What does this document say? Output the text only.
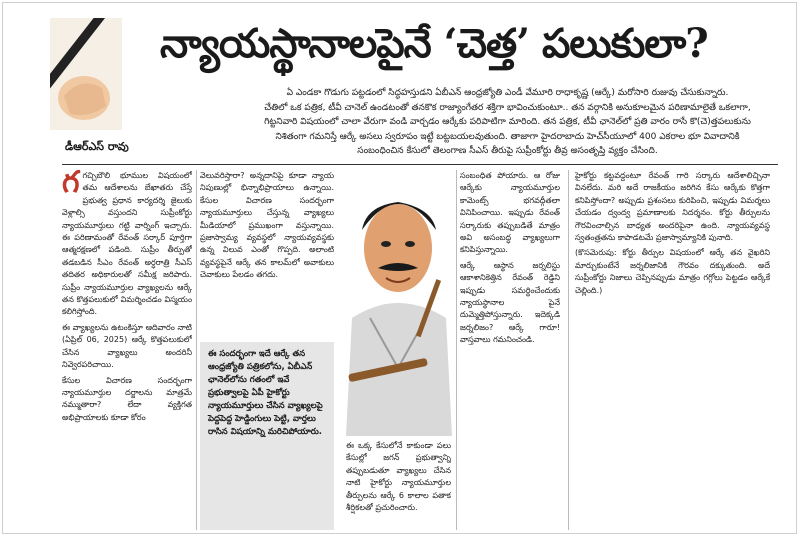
డీఆర్‌ఎస్‌ రావు
న్యాయస్థానాలపైనే ‘చెత్త’ పలుకులా?

ఏ ఎండకా గొడుగు పట్టడంలో సిద్ధహస్తుడని ఏబీఎన్‌ ఆంధ్రజ్యోతి ఎండీ వేమూరి రాధాకృష్ణ (ఆర్కే) మరోసారి రుజువు చేసుకున్నారు.

చేతిలో ఒక పత్రిక, టీవీ చానెల్‌ ఉండటంతో తనకొక రాజ్యాంగేతర శక్తిగా భావించుకుంటూ.. తన వర్గానికి అనుకూలమైన పరిణామాలైతే ఒకలాగా,

గిట్టనివారి విషయంలో చాలా వేరుగా వండి వార్చడం ఆర్కేకు పరిపాటిగా మారింది. తన పత్రిక, టీవీ ఛానెల్‌లో ప్రతి వారం రాసే కొ(చె)త్తపలుకును

నిశితంగా గమనిస్తే ఆర్కే అసలు స్వరూపం ఇట్టే బట్టబయలవుతుంది. తాజాగా హైదరాబాదు హెచ్‌సీయూలో 400 ఎకరాల భూ వివాదానికి

సంబంధించిన కేసులో తెలంగాణ సీఎస్‌ తీరుపై సుప్రీంకోర్టు తీవ్ర అసంతృప్తి వ్యక్తం చేసింది.

గ గచ్చిబౌలి భూముల విషయంలో తమ ఆదేశాలను బేఖాతరు చేస్తే ప్రభుత్వ ప్రధాన కార్యదర్శి జైలుకు వెళ్లాల్సి వస్తుందని సుప్రీంకోర్టు న్యాయమూర్తులు గట్టి వార్నింగ్‌ ఇచ్చారు. ఈ పరిణామంతో రేవంత్‌ సర్కార్‌ పూర్తిగా ఆత్మరక్షణలో పడింది. సుప్రీం తీర్పుతో తడబడిన సీఎం రేవంత్‌ అర్ధరాత్రి సీఎస్‌ తదితర అధికారులతో సమీక్ష జరిపారు. సుప్రీం న్యాయమూర్తుల వ్యాఖ్యలను ఆర్కే తన కొత్తపలుకులో విమర్శించడం విస్మయం కలిగిస్తోంది.

ఈ వ్యాఖ్యలను ఉటంకిస్తూ ఆదివారం నాటి (ఏప్రిల్‌ 06, 2025) ఆర్కే కొత్తపలుకులో చేసిన వ్యాఖ్యలు అందరినీ నివ్వెరపరిచాయి.

కేసుల విచారణ సందర్భంగా న్యాయమూర్తుల దర్జాలను మాత్రమే నమ్ముతారా? లేదా వ్యక్తిగత అభిప్రాయాలకు కూడా కోరం

వెలువరిస్తారా? అన్నదానిపై కూడా న్యాయ నిపుణుల్లో భిన్నాభిప్రాయాలు ఉన్నాయి. కేసుల విచారణ సందర్భంగా న్యాయమూర్తులు చేస్తున్న వ్యాఖ్యలు మీడియాలో ప్రముఖంగా వస్తున్నాయి. ప్రజాస్వామ్య వ్యవస్థలో న్యాయవ్యవస్థకు ఉన్న విలువ ఎంతో గొప్పది. అలాంటి వ్యవస్థపైనే ఆర్కే తన కాలమ్‌లో అవాకులు చెవాకులు పేలడం తగదు.

ఈ సందర్భంగా ఇదే ఆర్కే తన ఆంధ్రజ్యోతి పత్రికలోను, ఏబీఎన్‌ ఛానెల్‌లోను గతంలో ఇవే ప్రభుత్వాలపై ఏపీ హైకోర్టు న్యాయమూర్తులు చేసిన వ్యాఖ్యలపై పెద్దపెద్ద హెడ్డింగులు పెట్టి, వార్తలు రాసిన విషయాన్ని మరిచిపోయారు.

ఈ ఒక్క కేసులోనే కాకుండా పలు కేసుల్లో జగన్‌ ప్రభుత్వాన్ని తప్పుబడుతూ వ్యాఖ్యలు చేసిన నాటి హైకోర్టు న్యాయమూర్తుల తీర్పులను ఆర్కే 6 కాలాల పతాక శీర్షికలతో ప్రచురించారు.

సంబంధిత పోయారు. ఆ రోజు ఆర్కేకు న్యాయమూర్తుల కామెంట్స్‌ భగవద్గీతలా వినిపించాయి. ఇప్పుడు రేవంత్‌ సర్కారుకు తప్పుబడితే మాత్రం అవి అసంబద్ధ వ్యాఖ్యలుగా కనిపిస్తున్నాయి.

ఆర్కే ఆస్థాన జర్నలిస్టు ఆకాశానికెత్తిన రేవంత్‌ రెడ్డిని ఇప్పుడు సమర్థించేందుకు న్యాయస్థానాల పైనే దుమ్మెత్తిపోస్తున్నారు. ఇదెక్కడి జర్నలిజం? ఆర్కే గారూ! వాస్తవాలు గమనించండి.

హైకోర్టు కట్టవద్దంటూ రేవంత్‌ గారి సర్కారు ఆదేశాలిచ్చినా వినలేదు. మరి అదే రాజకీయం జరిగిన కేసు ఆర్కేకు కొత్తగా కనిపిస్తోందా? అప్పుడు ప్రశంసలు కురిపించి, ఇప్పుడు విమర్శలు చేయడం ద్వంద్వ ప్రమాణాలకు నిదర్శనం. కోర్టు తీర్పులను గౌరవించాల్సిన బాధ్యత అందరిపైనా ఉంది. న్యాయవ్యవస్థ స్వతంత్రతను కాపాడటమే ప్రజాస్వామ్యానికి పునాది.

(కొసమెరుపు: కోర్టు తీర్పుల విషయంలో ఆర్కే తన వైఖరిని మార్చుకుంటేనే జర్నలిజానికి గౌరవం దక్కుతుంది. అదే సుప్రీంకోర్టు నిజాలు చెప్పినప్పుడు మాత్రం గగ్గోలు పెట్టడం ఆర్కేకే చెల్లింది.)
